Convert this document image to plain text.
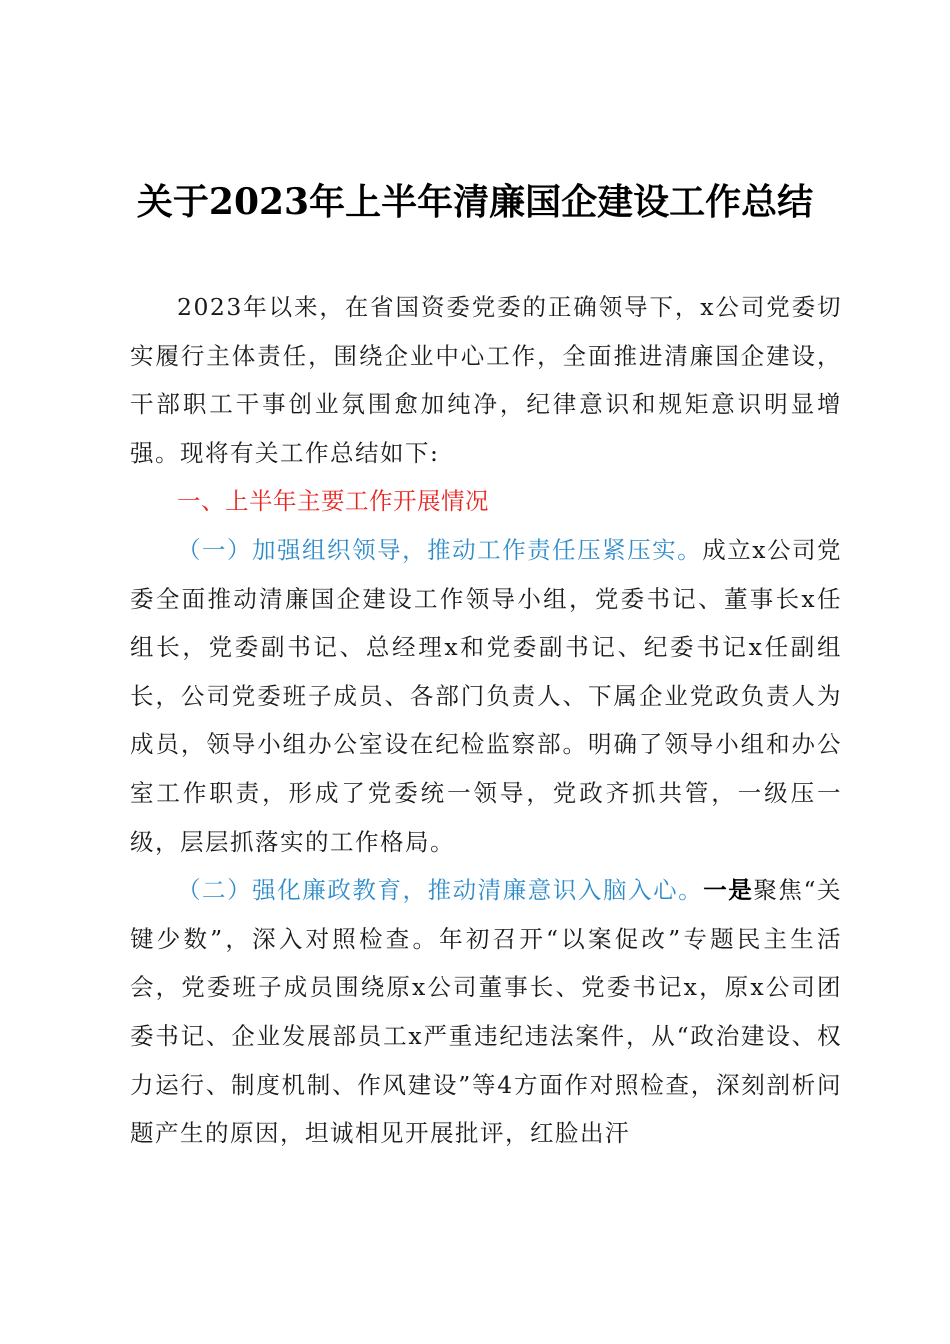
关于2023年上半年清廉国企建设工作总结

2023年以来，在省国资委党委的正确领导下，x公司党委切实履行主体责任，围绕企业中心工作，全面推进清廉国企建设，干部职工干事创业氛围愈加纯净，纪律意识和规矩意识明显增强。现将有关工作总结如下:

一、上半年主要工作开展情况

（一）加强组织领导，推动工作责任压紧压实。成立x公司党委全面推动清廉国企建设工作领导小组，党委书记、董事长x任组长，党委副书记、总经理x和党委副书记、纪委书记x任副组长，公司党委班子成员、各部门负责人、下属企业党政负责人为成员，领导小组办公室设在纪检监察部。明确了领导小组和办公室工作职责，形成了党委统一领导，党政齐抓共管，一级压一级，层层抓落实的工作格局。

（二）强化廉政教育，推动清廉意识入脑入心。一是聚焦“关键少数”，深入对照检查。年初召开“以案促改”专题民主生活会，党委班子成员围绕原x公司董事长、党委书记x，原x公司团委书记、企业发展部员工x严重违纪违法案件，从“政治建设、权力运行、制度机制、作风建设”等4方面作对照检查，深刻剖析问题产生的原因，坦诚相见开展批评，红脸出汗
